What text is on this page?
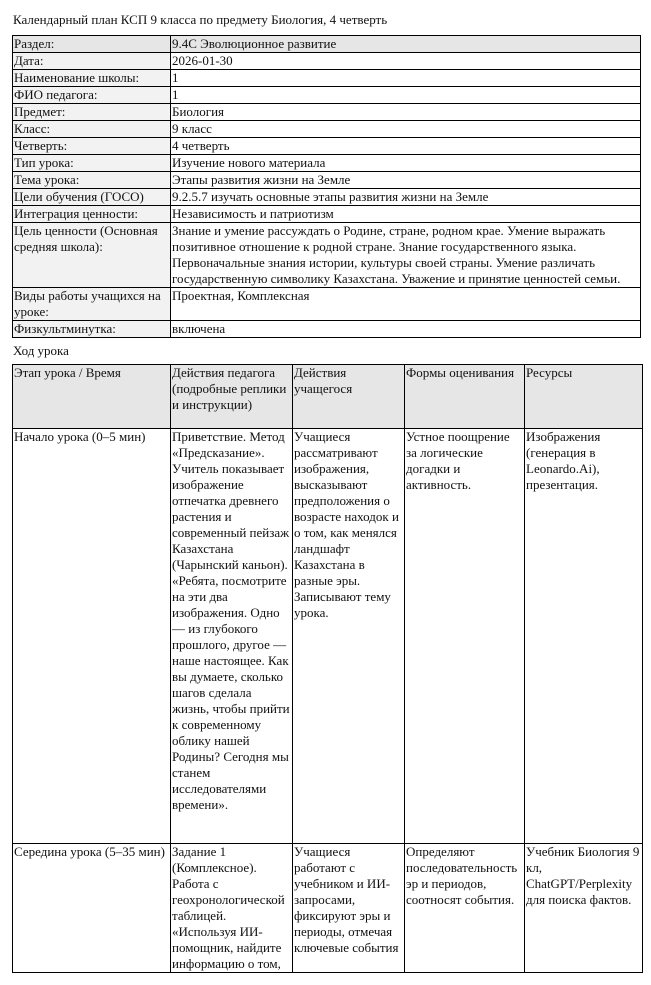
Календарный план КСП 9 класса по предмету Биология, 4 четверть
Раздел:	9.4С Эволюционное развитие
Дата:	2026-01-30
Наименование школы:	1
ФИО педагога:	1
Предмет:	Биология
Класс:	9 класс
Четверть:	4 четверть
Тип урока:	Изучение нового материала
Тема урока:	Этапы развития жизни на Земле
Цели обучения (ГОСО)	9.2.5.7 изучать основные этапы развития жизни на Земле
Интеграция ценности:	Независимость и патриотизм
Цель ценности (Основная средняя школа):	Знание и умение рассуждать о Родине, стране, родном крае. Умение выражать позитивное отношение к родной стране. Знание государственного языка. Первоначальные знания истории, культуры своей страны. Умение различать государственную символику Казахстана. Уважение и принятие ценностей семьи.
Виды работы учащихся на уроке:	Проектная, Комплексная
Физкультминутка:	включена
Ход урока
Этап урока / Время	Действия педагога (подробные реплики и инструкции)	Действия учащегося	Формы оценивания	Ресурсы
Начало урока (0–5 мин)	Приветствие. Метод «Предсказание». Учитель показывает изображение отпечатка древнего растения и современный пейзаж Казахстана (Чарынский каньон). «Ребята, посмотрите на эти два изображения. Одно — из глубокого прошлого, другое — наше настоящее. Как вы думаете, сколько шагов сделала жизнь, чтобы прийти к современному облику нашей Родины? Сегодня мы станем исследователями времени».	Учащиеся рассматривают изображения, высказывают предположения о возрасте находок и о том, как менялся ландшафт Казахстана в разные эры. Записывают тему урока.	Устное поощрение за логические догадки и активность.	Изображения (генерация в Leonardo.Ai), презентация.
Середина урока (5–35 мин)	Задание 1 (Комплексное). Работа с геохронологической таблицей. «Используя ИИ-помощник, найдите информацию о том,	Учащиеся работают с учебником и ИИ-запросами, фиксируют эры и периоды, отмечая ключевые события	Определяют последовательность эр и периодов, соотносят события.	Учебник Биология 9 кл, ChatGPT/Perplexity для поиска фактов.
